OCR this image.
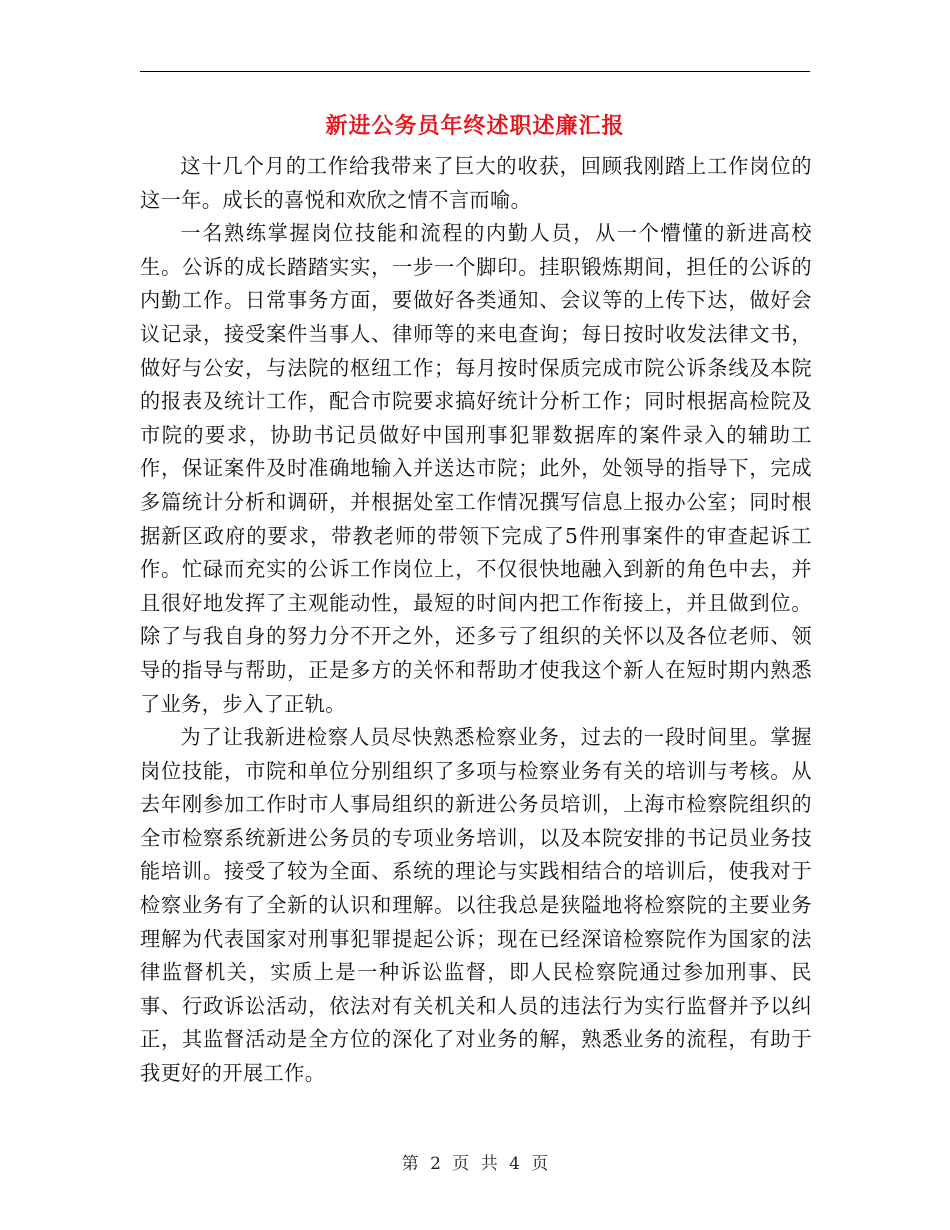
新进公务员年终述职述廉汇报

这十几个月的工作给我带来了巨大的收获，回顾我刚踏上工作岗位的这一年。成长的喜悦和欢欣之情不言而喻。

一名熟练掌握岗位技能和流程的内勤人员，从一个懵懂的新进高校生。公诉的成长踏踏实实，一步一个脚印。挂职锻炼期间，担任的公诉的内勤工作。日常事务方面，要做好各类通知、会议等的上传下达，做好会议记录，接受案件当事人、律师等的来电查询；每日按时收发法律文书，做好与公安，与法院的枢纽工作；每月按时保质完成市院公诉条线及本院的报表及统计工作，配合市院要求搞好统计分析工作；同时根据高检院及市院的要求，协助书记员做好中国刑事犯罪数据库的案件录入的辅助工作，保证案件及时准确地输入并送达市院；此外，处领导的指导下，完成多篇统计分析和调研，并根据处室工作情况撰写信息上报办公室；同时根据新区政府的要求，带教老师的带领下完成了5件刑事案件的审查起诉工作。忙碌而充实的公诉工作岗位上，不仅很快地融入到新的角色中去，并且很好地发挥了主观能动性，最短的时间内把工作衔接上，并且做到位。除了与我自身的努力分不开之外，还多亏了组织的关怀以及各位老师、领导的指导与帮助，正是多方的关怀和帮助才使我这个新人在短时期内熟悉了业务，步入了正轨。

为了让我新进检察人员尽快熟悉检察业务，过去的一段时间里。掌握岗位技能，市院和单位分别组织了多项与检察业务有关的培训与考核。从去年刚参加工作时市人事局组织的新进公务员培训，上海市检察院组织的全市检察系统新进公务员的专项业务培训，以及本院安排的书记员业务技能培训。接受了较为全面、系统的理论与实践相结合的培训后，使我对于检察业务有了全新的认识和理解。以往我总是狭隘地将检察院的主要业务理解为代表国家对刑事犯罪提起公诉；现在已经深谙检察院作为国家的法律监督机关，实质上是一种诉讼监督，即人民检察院通过参加刑事、民事、行政诉讼活动，依法对有关机关和人员的违法行为实行监督并予以纠正，其监督活动是全方位的深化了对业务的解，熟悉业务的流程，有助于我更好的开展工作。

第 2 页 共 4 页
